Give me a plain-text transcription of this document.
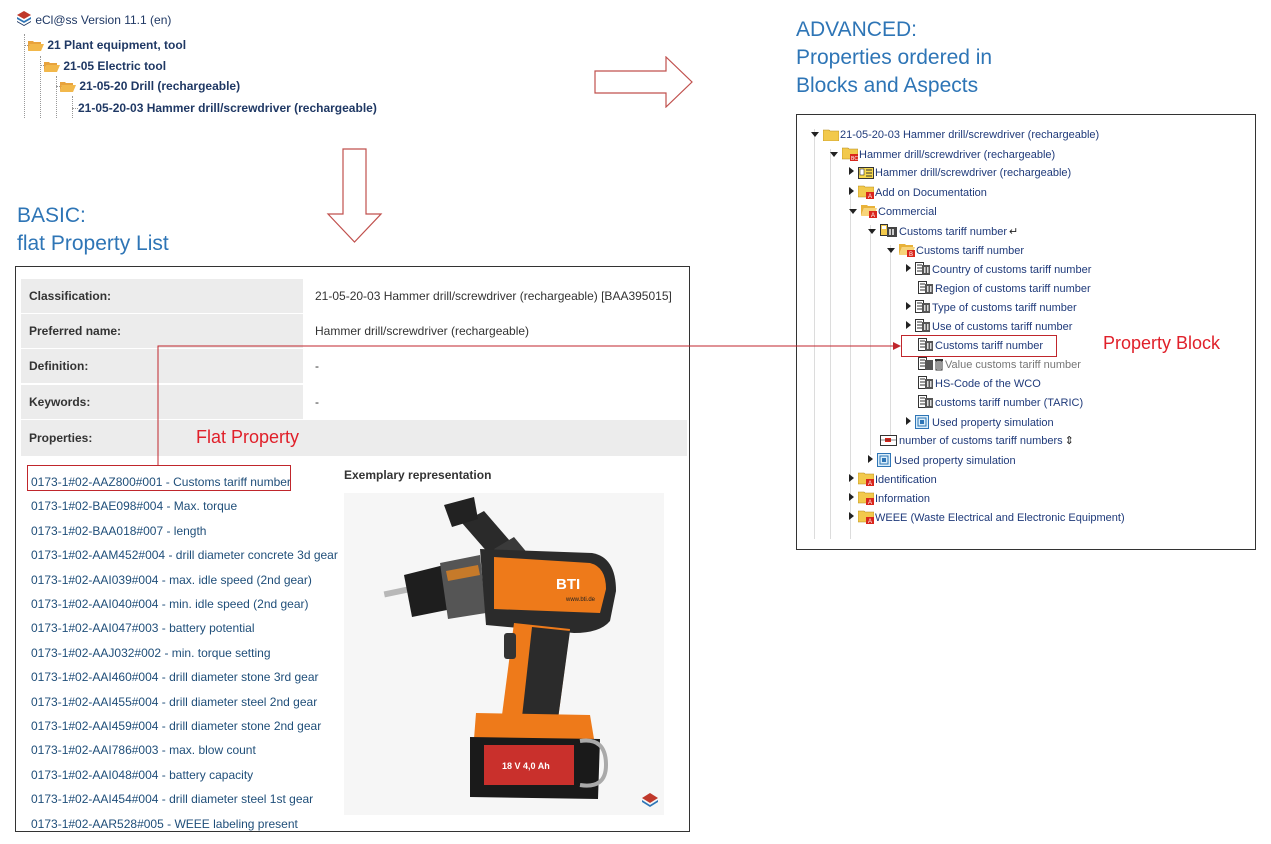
eCl@ss Version 11.1 (en)
21 Plant equipment, tool
21-05 Electric tool
21-05-20 Drill (rechargeable)
21-05-20-03 Hammer drill/screwdriver (rechargeable)
BASIC:
flat Property List
ADVANCED:
Properties ordered in
Blocks and Aspects
Classification:	21-05-20-03 Hammer drill/screwdriver (rechargeable) [BAA395015]
Preferred name:	Hammer drill/screwdriver (rechargeable)
Definition:	-
Keywords:	-
Properties:	Flat Property
0173-1#02-AAZ800#001 - Customs tariff number
0173-1#02-BAE098#004 - Max. torque
0173-1#02-BAA018#007 - length
0173-1#02-AAM452#004 - drill diameter concrete 3d gear
0173-1#02-AAI039#004 - max. idle speed (2nd gear)
0173-1#02-AAI040#004 - min. idle speed (2nd gear)
0173-1#02-AAI047#003 - battery potential
0173-1#02-AAJ032#002 - min. torque setting
0173-1#02-AAI460#004 - drill diameter stone 3rd gear
0173-1#02-AAI455#004 - drill diameter steel 2nd gear
0173-1#02-AAI459#004 - drill diameter stone 2nd gear
0173-1#02-AAI786#003 - max. blow count
0173-1#02-AAI048#004 - battery capacity
0173-1#02-AAI454#004 - drill diameter steel 1st gear
0173-1#02-AAR528#005 - WEEE labeling present
Exemplary representation
BTI
www.bti.de
18 V 4,0 Ah
21-05-20-03 Hammer drill/screwdriver (rechargeable)
BC Hammer drill/screwdriver (rechargeable)
Hammer drill/screwdriver (rechargeable)
A Add on Documentation
A Commercial
Customs tariff number ↵
B Customs tariff number
Country of customs tariff number
Region of customs tariff number
Type of customs tariff number
Use of customs tariff number
Customs tariff number
Value customs tariff number
HS-Code of the WCO
customs tariff number (TARIC)
Used property simulation
number of customs tariff numbers ⇕
Used property simulation
A Identification
A Information
A WEEE (Waste Electrical and Electronic Equipment)
Property Block
